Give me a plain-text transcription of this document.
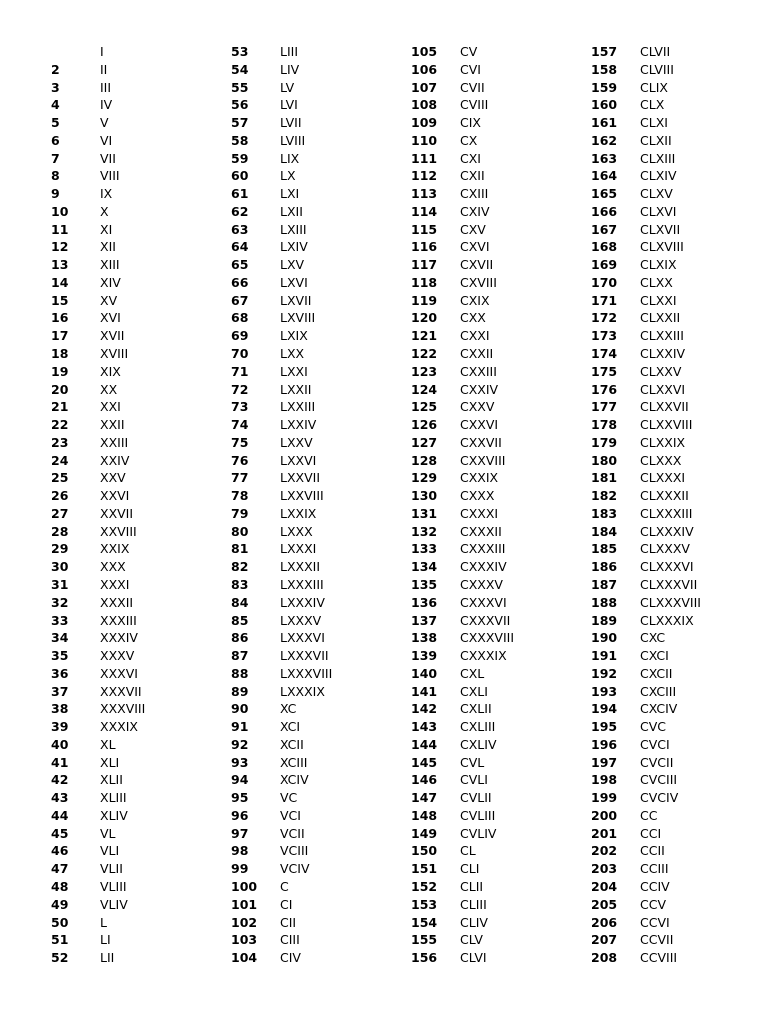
I
2	II
3	III
4	IV
5	V
6	VI
7	VII
8	VIII
9	IX
10	X
11	XI
12	XII
13	XIII
14	XIV
15	XV
16	XVI
17	XVII
18	XVIII
19	XIX
20	XX
21	XXI
22	XXII
23	XXIII
24	XXIV
25	XXV
26	XXVI
27	XXVII
28	XXVIII
29	XXIX
30	XXX
31	XXXI
32	XXXII
33	XXXIII
34	XXXIV
35	XXXV
36	XXXVI
37	XXXVII
38	XXXVIII
39	XXXIX
40	XL
41	XLI
42	XLII
43	XLIII
44	XLIV
45	VL
46	VLI
47	VLII
48	VLIII
49	VLIV
50	L
51	LI
52	LII
53	LIII
54	LIV
55	LV
56	LVI
57	LVII
58	LVIII
59	LIX
60	LX
61	LXI
62	LXII
63	LXIII
64	LXIV
65	LXV
66	LXVI
67	LXVII
68	LXVIII
69	LXIX
70	LXX
71	LXXI
72	LXXII
73	LXXIII
74	LXXIV
75	LXXV
76	LXXVI
77	LXXVII
78	LXXVIII
79	LXXIX
80	LXXX
81	LXXXI
82	LXXXII
83	LXXXIII
84	LXXXIV
85	LXXXV
86	LXXXVI
87	LXXXVII
88	LXXXVIII
89	LXXXIX
90	XC
91	XCI
92	XCII
93	XCIII
94	XCIV
95	VC
96	VCI
97	VCII
98	VCIII
99	VCIV
100 C
101 CI
102 CII
103 CIII
104 CIV
105 CV
106 CVI
107 CVII
108 CVIII
109 CIX
110 CX
111 CXI
112 CXII
113 CXIII
114 CXIV
115 CXV
116 CXVI
117 CXVII
118 CXVIII
119 CXIX
120 CXX
121 CXXI
122 CXXII
123 CXXIII
124 CXXIV
125 CXXV
126 CXXVI
127 CXXVII
128 CXXVIII
129 CXXIX
130 CXXX
131 CXXXI
132 CXXXII
133 CXXXIII
134 CXXXIV
135 CXXXV
136 CXXXVI
137 CXXXVII
138 CXXXVIII
139 CXXXIX
140 CXL
141 CXLI
142 CXLII
143 CXLIII
144 CXLIV
145 CVL
146 CVLI
147 CVLII
148 CVLIII
149 CVLIV
150 CL
151 CLI
152 CLII
153 CLIII
154 CLIV
155 CLV
156 CLVI
157 CLVII
158 CLVIII
159 CLIX
160 CLX
161 CLXI
162 CLXII
163 CLXIII
164 CLXIV
165 CLXV
166 CLXVI
167 CLXVII
168 CLXVIII
169 CLXIX
170 CLXX
171 CLXXI
172 CLXXII
173 CLXXIII
174 CLXXIV
175 CLXXV
176 CLXXVI
177 CLXXVII
178 CLXXVIII
179 CLXXIX
180 CLXXX
181 CLXXXI
182 CLXXXII
183 CLXXXIII
184 CLXXXIV
185 CLXXXV
186 CLXXXVI
187 CLXXXVII
188 CLXXXVIII
189 CLXXXIX
190 CXC
191 CXCI
192 CXCII
193 CXCIII
194 CXCIV
195 CVC
196 CVCI
197 CVCII
198 CVCIII
199 CVCIV
200 CC
201 CCI
202 CCII
203 CCIII
204 CCIV
205 CCV
206 CCVI
207 CCVII
208 CCVIII
